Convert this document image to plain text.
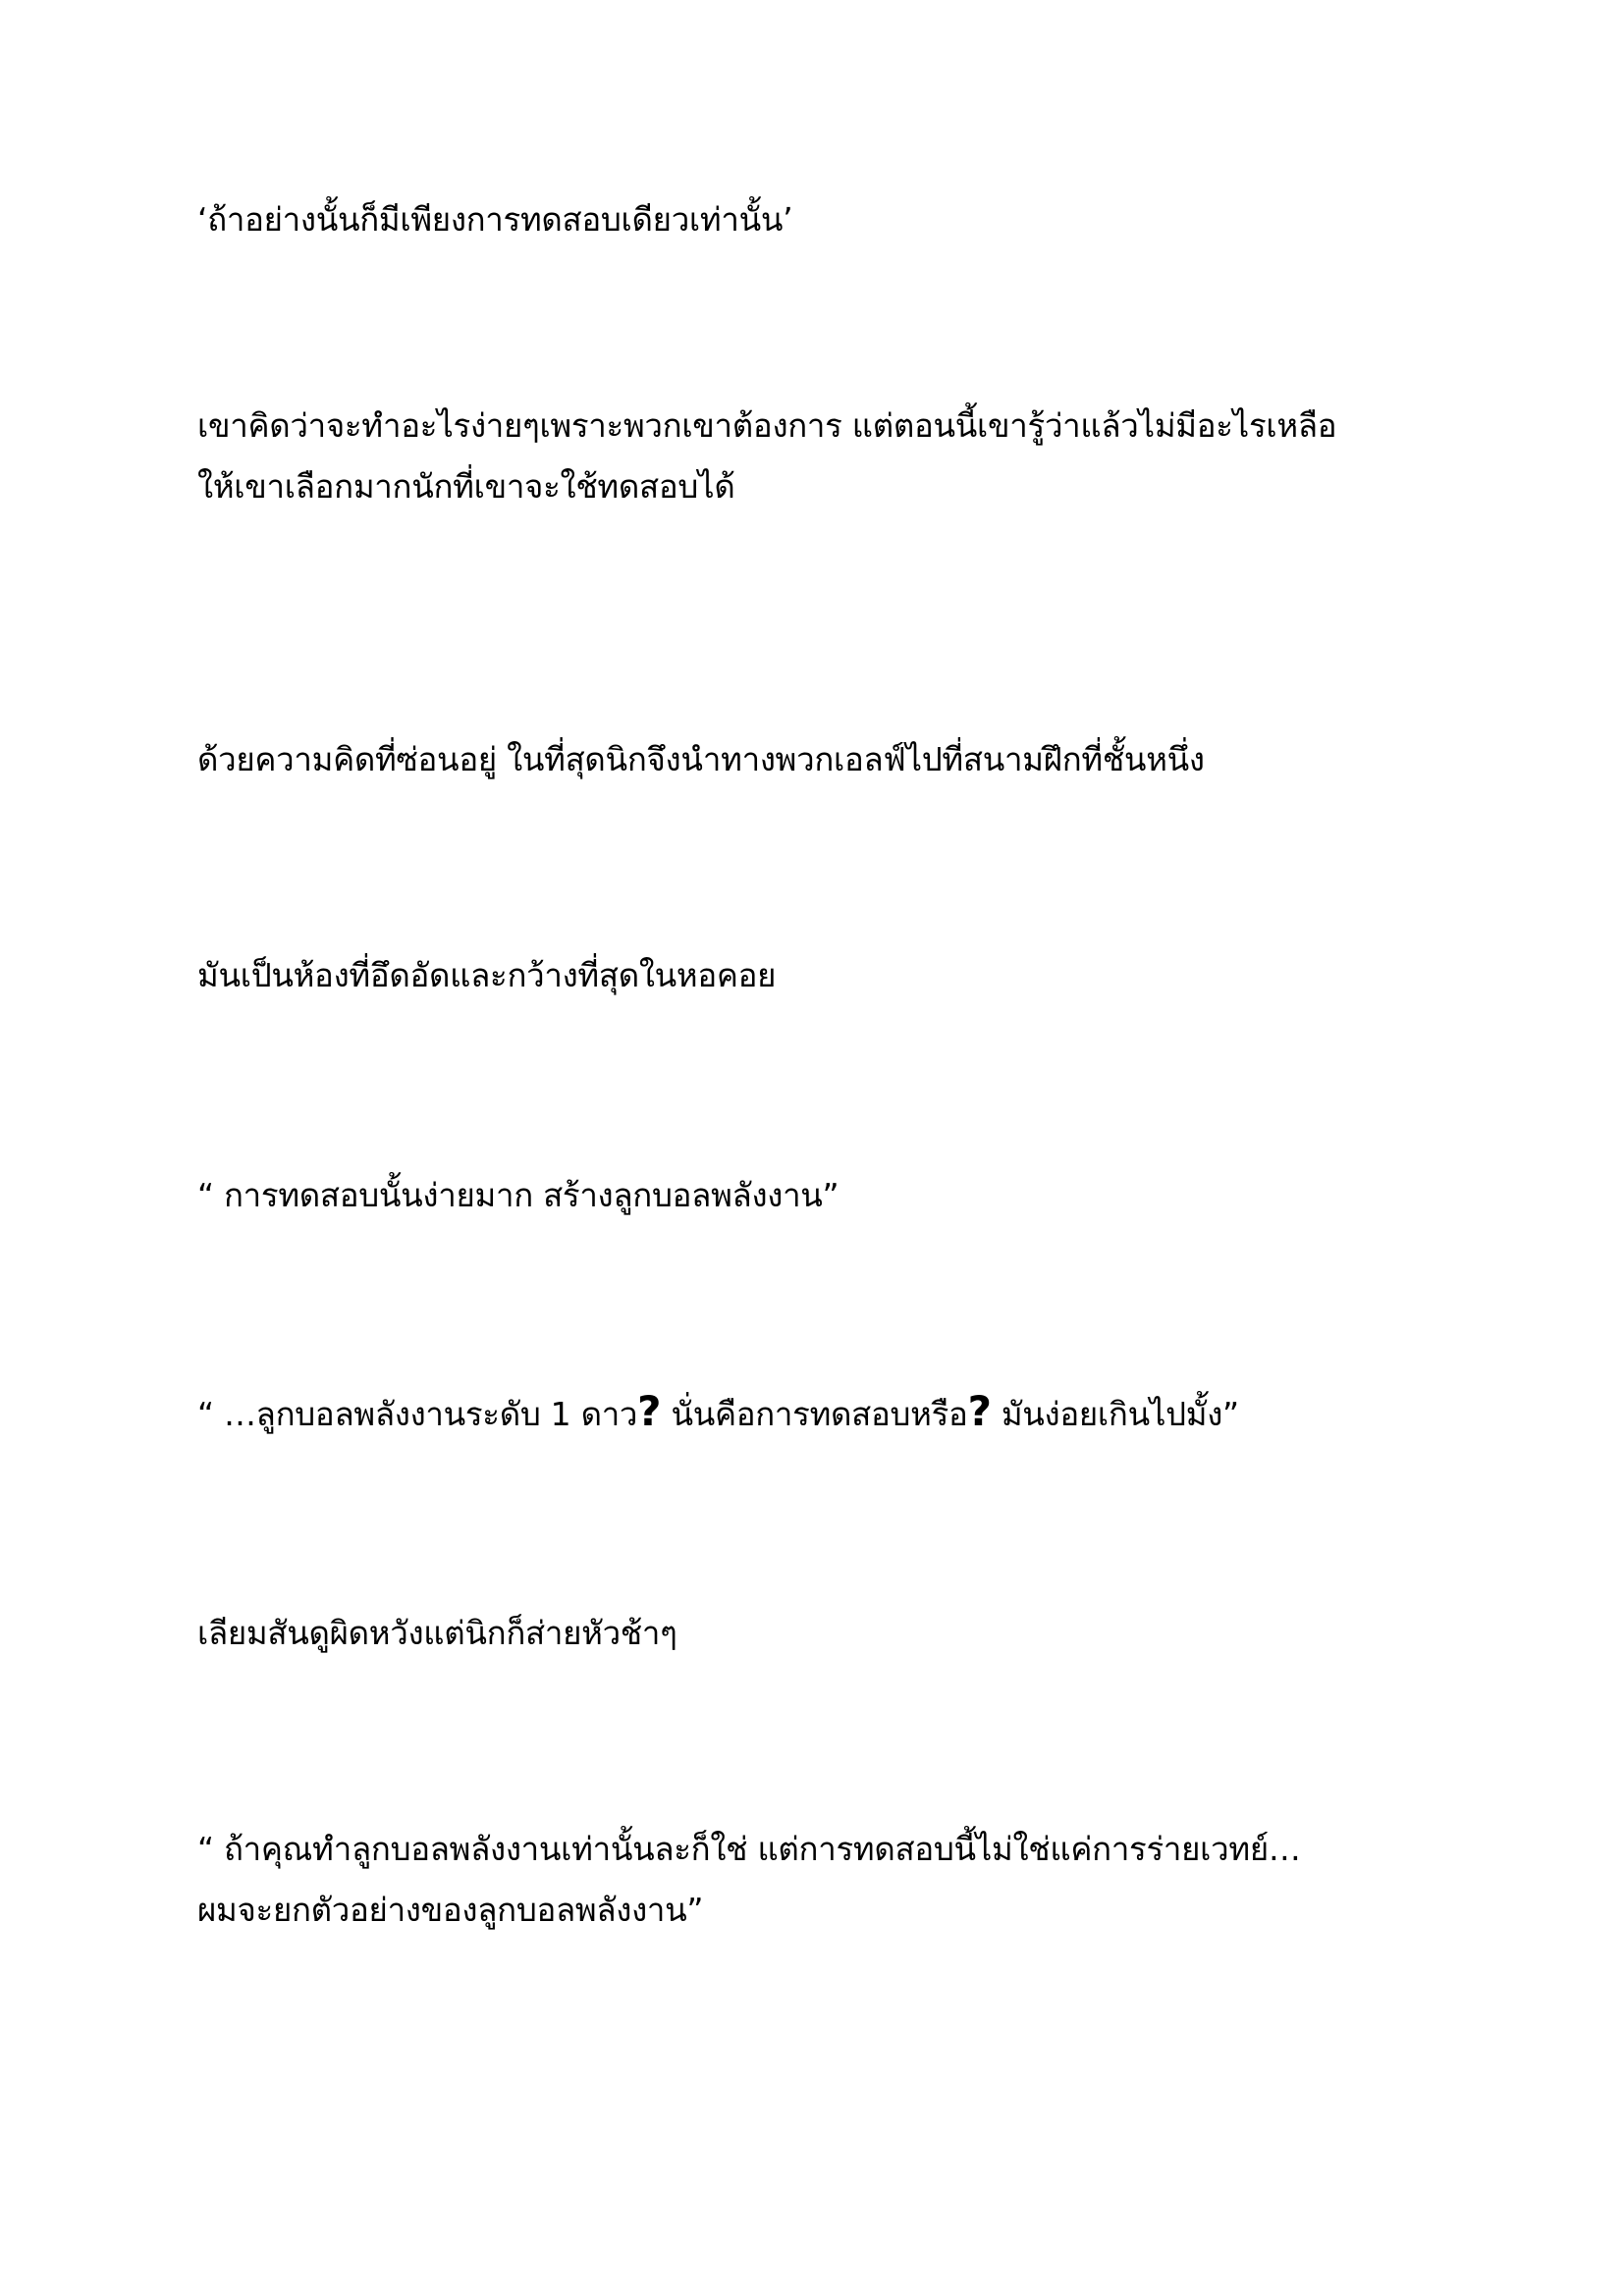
‘ถ้าอย่างนั้นก็มีเพียงการทดสอบเดียวเท่านั้น’

เขาคิดว่าจะทำอะไรง่ายๆเพราะพวกเขาต้องการ แต่ตอนนี้เขารู้ว่าแล้วไม่มีอะไรเหลือ
ให้เขาเลือกมากนักที่เขาจะใช้ทดสอบได้

ด้วยความคิดที่ซ่อนอยู่ ในที่สุดนิกจึงนำทางพวกเอลฟ์ไปที่สนามฝึกที่ชั้นหนึ่ง

มันเป็นห้องที่อึดอัดและกว้างที่สุดในหอคอย

“ การทดสอบนั้นง่ายมาก สร้างลูกบอลพลังงาน”

“ …ลูกบอลพลังงานระดับ 1 ดาว? นั่นคือการทดสอบหรือ? มันง่อยเกินไปมั้ง”

เลียมสันดูผิดหวังแต่นิกก็ส่ายหัวช้าๆ

“ ถ้าคุณทำลูกบอลพลังงานเท่านั้นละก็ใช่ แต่การทดสอบนี้ไม่ใช่แค่การร่ายเวทย์…
ผมจะยกตัวอย่างของลูกบอลพลังงาน”
